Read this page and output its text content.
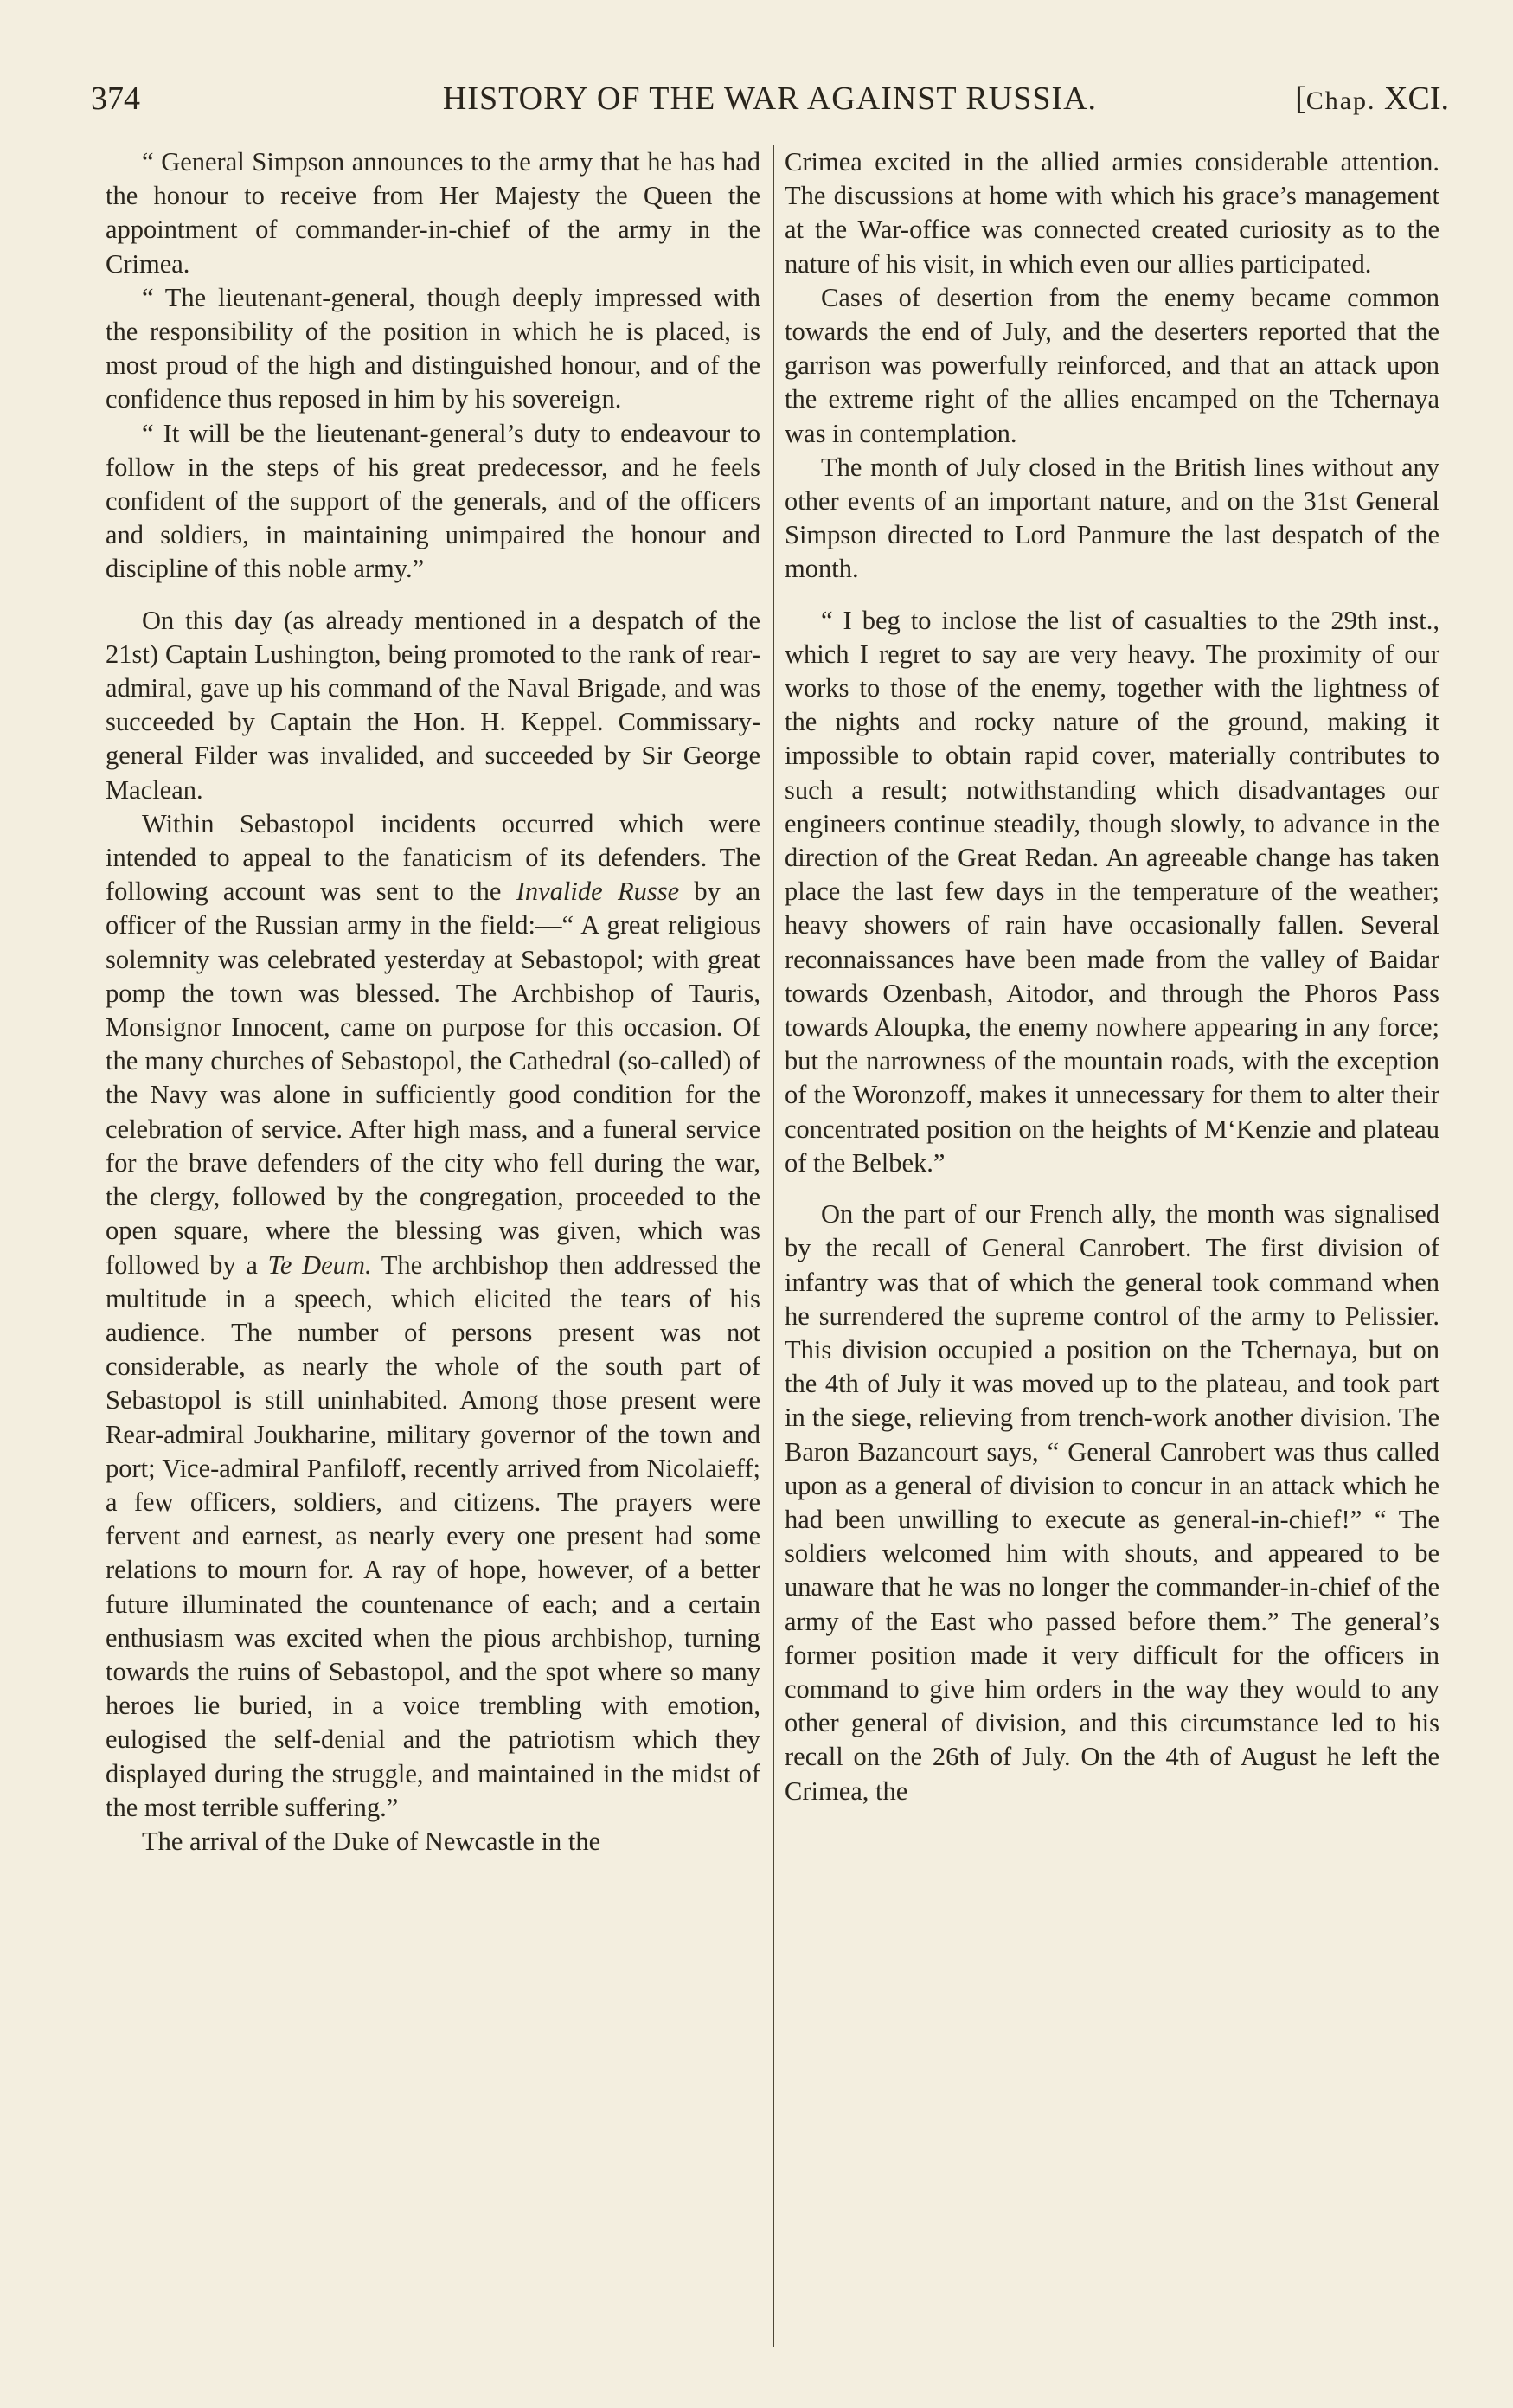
374	HISTORY OF THE WAR AGAINST RUSSIA.	[Chap. XCI.

“ General Simpson announces to the army that he has had the honour to receive from Her Majesty the Queen the appointment of commander-in-chief of the army in the Crimea.

“ The lieutenant-general, though deeply impressed with the responsibility of the position in which he is placed, is most proud of the high and distinguished honour, and of the confidence thus reposed in him by his sovereign.

“ It will be the lieutenant-general’s duty to endeavour to follow in the steps of his great predecessor, and he feels confident of the support of the generals, and of the officers and soldiers, in maintaining unimpaired the honour and discipline of this noble army.”

On this day (as already mentioned in a despatch of the 21st) Captain Lushington, being promoted to the rank of rear-admiral, gave up his command of the Naval Brigade, and was succeeded by Captain the Hon. H. Keppel. Commissary-general Filder was invalided, and succeeded by Sir George Maclean.

Within Sebastopol incidents occurred which were intended to appeal to the fanaticism of its defenders. The following account was sent to the Invalide Russe by an officer of the Russian army in the field:—“ A great religious solemnity was celebrated yesterday at Sebastopol; with great pomp the town was blessed. The Archbishop of Tauris, Monsignor Innocent, came on purpose for this occasion. Of the many churches of Sebastopol, the Cathedral (so-called) of the Navy was alone in sufficiently good condition for the celebration of service. After high mass, and a funeral service for the brave defenders of the city who fell during the war, the clergy, followed by the congregation, proceeded to the open square, where the blessing was given, which was followed by a Te Deum. The archbishop then addressed the multitude in a speech, which elicited the tears of his audience. The number of persons present was not considerable, as nearly the whole of the south part of Sebastopol is still uninhabited. Among those present were Rear-admiral Joukharine, military governor of the town and port; Vice-admiral Panfiloff, recently arrived from Nicolaieff; a few officers, soldiers, and citizens. The prayers were fervent and earnest, as nearly every one present had some relations to mourn for. A ray of hope, however, of a better future illuminated the countenance of each; and a certain enthusiasm was excited when the pious archbishop, turning towards the ruins of Sebastopol, and the spot where so many heroes lie buried, in a voice trembling with emotion, eulogised the self-denial and the patriotism which they displayed during the struggle, and maintained in the midst of the most terrible suffering.”

The arrival of the Duke of Newcastle in the

Crimea excited in the allied armies considerable attention. The discussions at home with which his grace’s management at the War-office was connected created curiosity as to the nature of his visit, in which even our allies participated.

Cases of desertion from the enemy became common towards the end of July, and the deserters reported that the garrison was powerfully reinforced, and that an attack upon the extreme right of the allies encamped on the Tchernaya was in contemplation.

The month of July closed in the British lines without any other events of an important nature, and on the 31st General Simpson directed to Lord Panmure the last despatch of the month.

“ I beg to inclose the list of casualties to the 29th inst., which I regret to say are very heavy. The proximity of our works to those of the enemy, together with the lightness of the nights and rocky nature of the ground, making it impossible to obtain rapid cover, materially contributes to such a result; notwithstanding which disadvantages our engineers continue steadily, though slowly, to advance in the direction of the Great Redan. An agreeable change has taken place the last few days in the temperature of the weather; heavy showers of rain have occasionally fallen. Several reconnaissances have been made from the valley of Baidar towards Ozenbash, Aitodor, and through the Phoros Pass towards Aloupka, the enemy nowhere appearing in any force; but the narrowness of the mountain roads, with the exception of the Woronzoff, makes it unnecessary for them to alter their concentrated position on the heights of M‘Kenzie and plateau of the Belbek.”

On the part of our French ally, the month was signalised by the recall of General Canrobert. The first division of infantry was that of which the general took command when he surrendered the supreme control of the army to Pelissier. This division occupied a position on the Tchernaya, but on the 4th of July it was moved up to the plateau, and took part in the siege, relieving from trench-work another division. The Baron Bazancourt says, “ General Canrobert was thus called upon as a general of division to concur in an attack which he had been unwilling to execute as general-in-chief!” “ The soldiers welcomed him with shouts, and appeared to be unaware that he was no longer the commander-in-chief of the army of the East who passed before them.” The general’s former position made it very difficult for the officers in command to give him orders in the way they would to any other general of division, and this circumstance led to his recall on the 26th of July. On the 4th of August he left the Crimea, the
